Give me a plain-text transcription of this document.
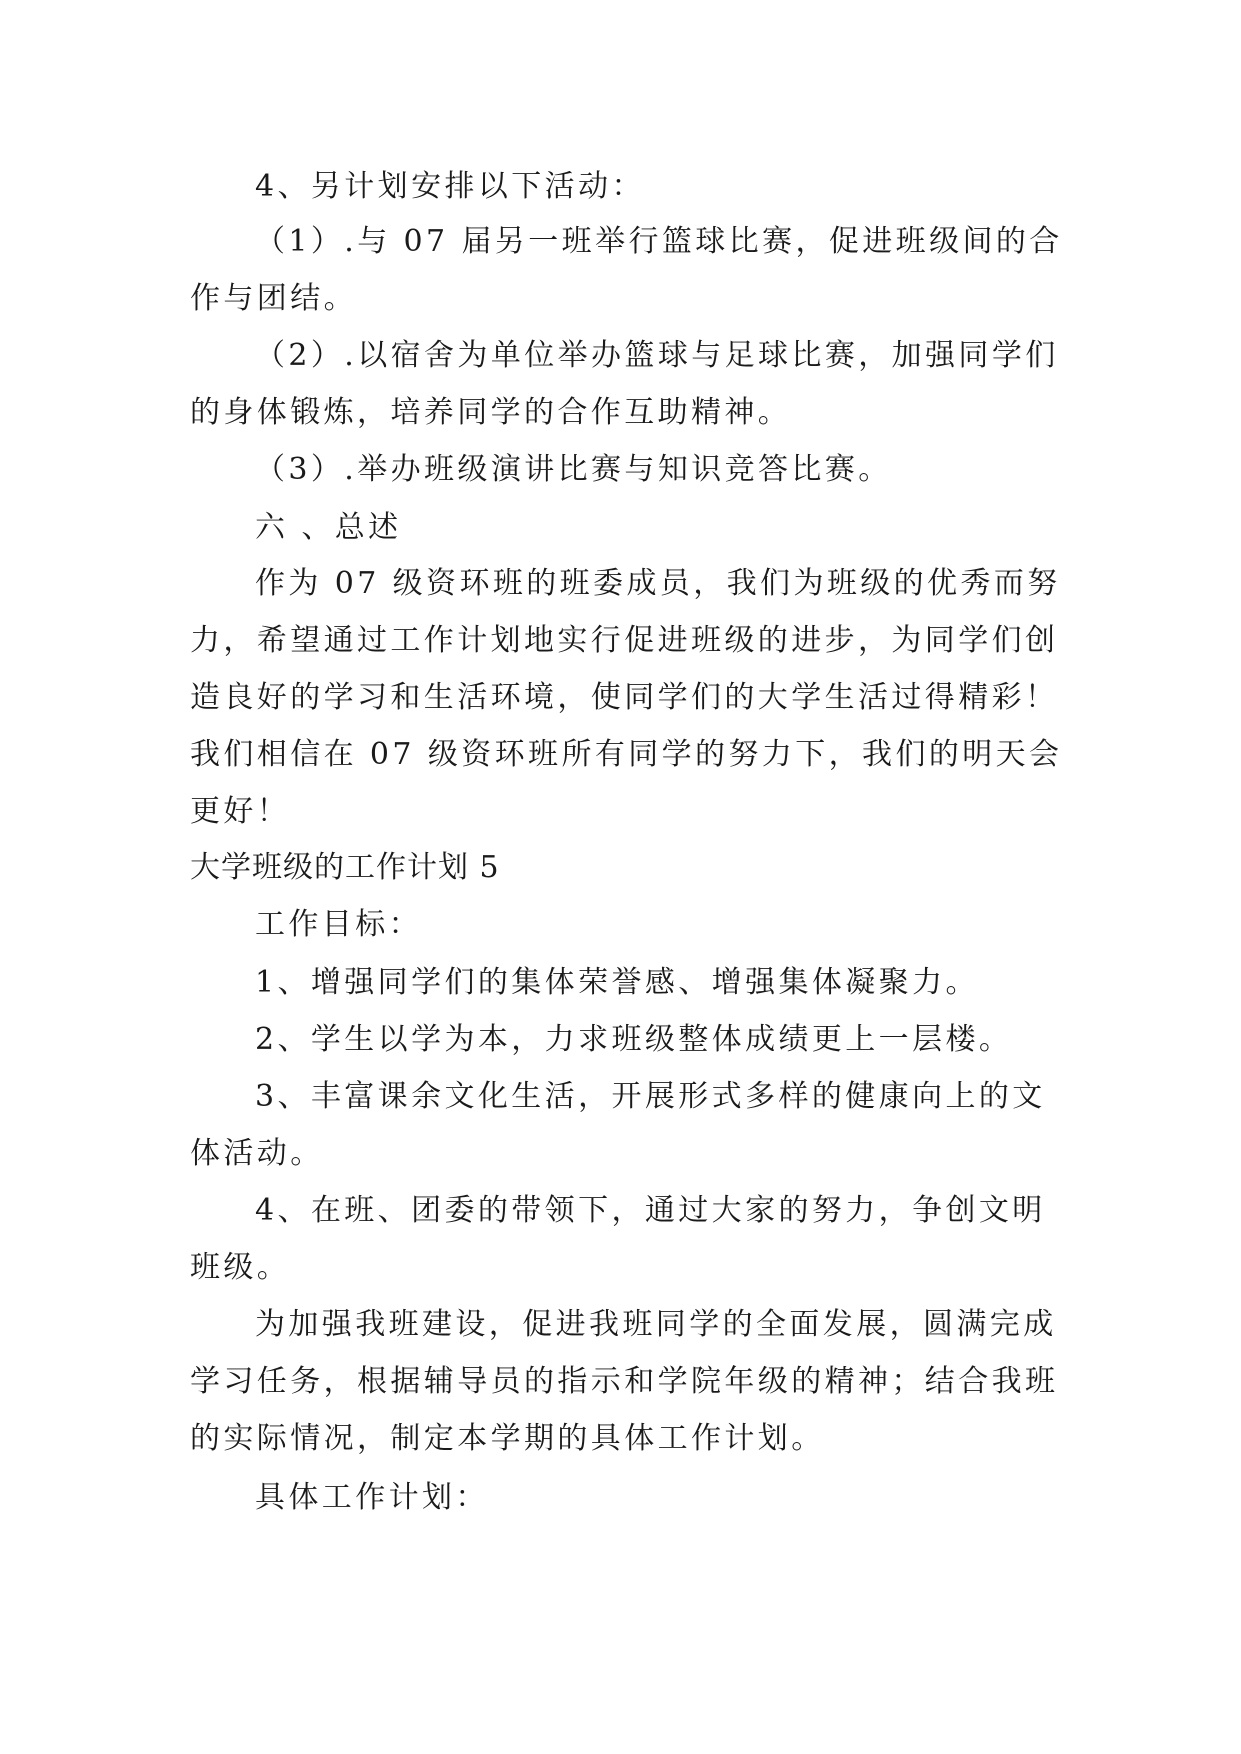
4、另计划安排以下活动：
（1）.与 07 届另一班举行篮球比赛，促进班级间的合
作与团结。
（2）.以宿舍为单位举办篮球与足球比赛，加强同学们
的身体锻炼，培养同学的合作互助精神。
（3）.举办班级演讲比赛与知识竞答比赛。
六 、总述
作为 07 级资环班的班委成员，我们为班级的优秀而努
力，希望通过工作计划地实行促进班级的进步，为同学们创
造良好的学习和生活环境，使同学们的大学生活过得精彩！
我们相信在 07 级资环班所有同学的努力下，我们的明天会
更好！
大学班级的工作计划 5
工作目标：
1、增强同学们的集体荣誉感、增强集体凝聚力。
2、学生以学为本，力求班级整体成绩更上一层楼。
3、丰富课余文化生活，开展形式多样的健康向上的文
体活动。
4、在班、团委的带领下，通过大家的努力，争创文明
班级。
为加强我班建设，促进我班同学的全面发展，圆满完成
学习任务，根据辅导员的指示和学院年级的精神；结合我班
的实际情况，制定本学期的具体工作计划。
具体工作计划：
